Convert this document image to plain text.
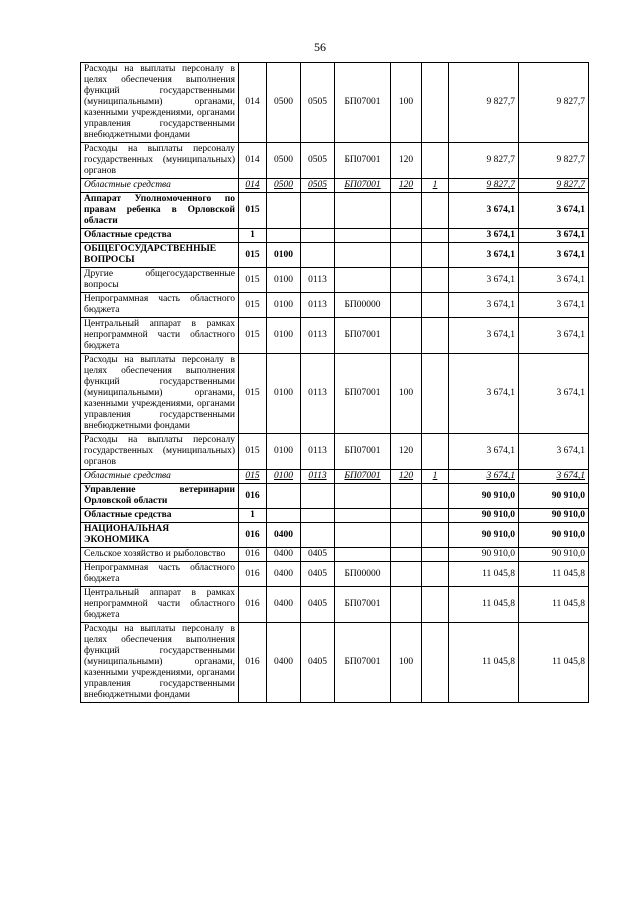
56
Расходы на выплаты персоналу в целях обеспечения выполнения функций государственными (муниципальными) органами, казенными учреждениями, органами управления государственными внебюджетными фондами	014	0500	0505	БП07001	100		9 827,7	9 827,7
Расходы на выплаты персоналу государственных (муниципальных) органов	014	0500	0505	БП07001	120		9 827,7	9 827,7
Областные средства	014	0500	0505	БП07001	120	1	9 827,7	9 827,7
Аппарат Уполномоченного по правам ребенка в Орловской области	015						3 674,1	3 674,1
Областные средства	1						3 674,1	3 674,1
ОБЩЕГОСУДАРСТВЕННЫЕ ВОПРОСЫ	015	0100					3 674,1	3 674,1
Другие общегосударственные вопросы	015	0100	0113				3 674,1	3 674,1
Непрограммная часть областного бюджета	015	0100	0113	БП00000			3 674,1	3 674,1
Центральный аппарат в рамках непрограммной части областного бюджета	015	0100	0113	БП07001			3 674,1	3 674,1
Расходы на выплаты персоналу в целях обеспечения выполнения функций государственными (муниципальными) органами, казенными учреждениями, органами управления государственными внебюджетными фондами	015	0100	0113	БП07001	100		3 674,1	3 674,1
Расходы на выплаты персоналу государственных (муниципальных) органов	015	0100	0113	БП07001	120		3 674,1	3 674,1
Областные средства	015	0100	0113	БП07001	120	1	3 674,1	3 674,1
Управление ветеринарии Орловской области	016						90 910,0	90 910,0
Областные средства	1						90 910,0	90 910,0
НАЦИОНАЛЬНАЯ ЭКОНОМИКА	016	0400					90 910,0	90 910,0
Сельское хозяйство и рыболовство	016	0400	0405				90 910,0	90 910,0
Непрограммная часть областного бюджета	016	0400	0405	БП00000			11 045,8	11 045,8
Центральный аппарат в рамках непрограммной части областного бюджета	016	0400	0405	БП07001			11 045,8	11 045,8
Расходы на выплаты персоналу в целях обеспечения выполнения функций государственными (муниципальными) органами, казенными учреждениями, органами управления государственными внебюджетными фондами	016	0400	0405	БП07001	100		11 045,8	11 045,8
